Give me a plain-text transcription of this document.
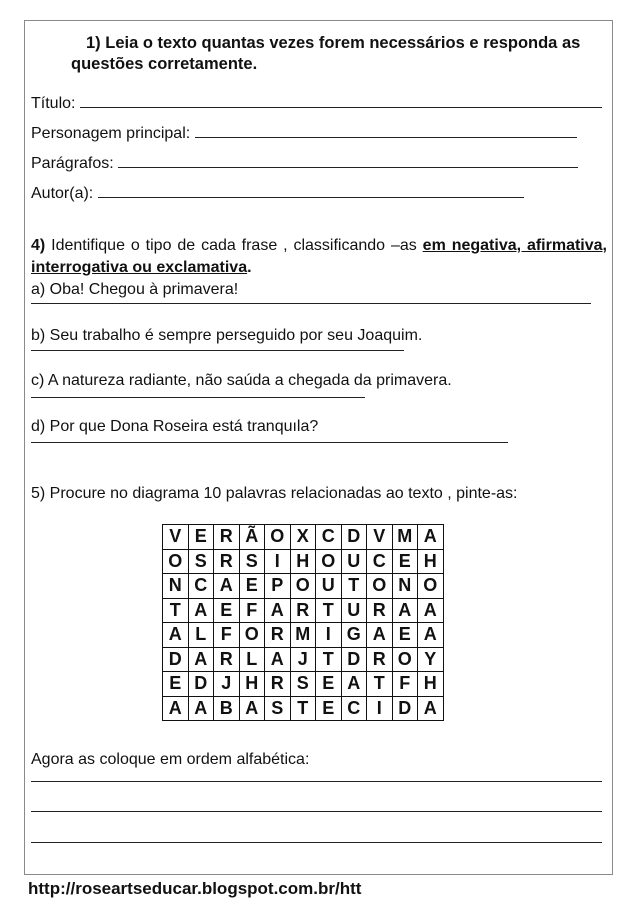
1) Leia o texto quantas vezes forem necessários e responda as
questões corretamente.
Título:
Personagem principal:
Parágrafos:
Autor(a):
4) Identifique o tipo de cada frase , classificando –as em negativa, afirmativa, interrogativa ou exclamativa.
a) Oba! Chegou à primavera!
b) Seu trabalho é sempre perseguido por seu Joaquim.
c) A natureza radiante, não saúda a chegada da primavera.
d) Por que Dona Roseira está tranquıla?
5) Procure no diagrama 10 palavras relacionadas ao texto , pinte-as:
V	E	R	Ã	O	X	C	D	V	M	A
O	S	R	S	I	H	O	U	C	E	H
N	C	A	E	P	O	U	T	O	N	O
T	A	E	F	A	R	T	U	R	A	A
A	L	F	O	R	M	I	G	A	E	A
D	A	R	L	A	J	T	D	R	O	Y
E	D	J	H	R	S	E	A	T	F	H
A	A	B	A	S	T	E	C	I	D	A
Agora as coloque em ordem alfabética:
http://roseartseducar.blogspot.com.br/htt
